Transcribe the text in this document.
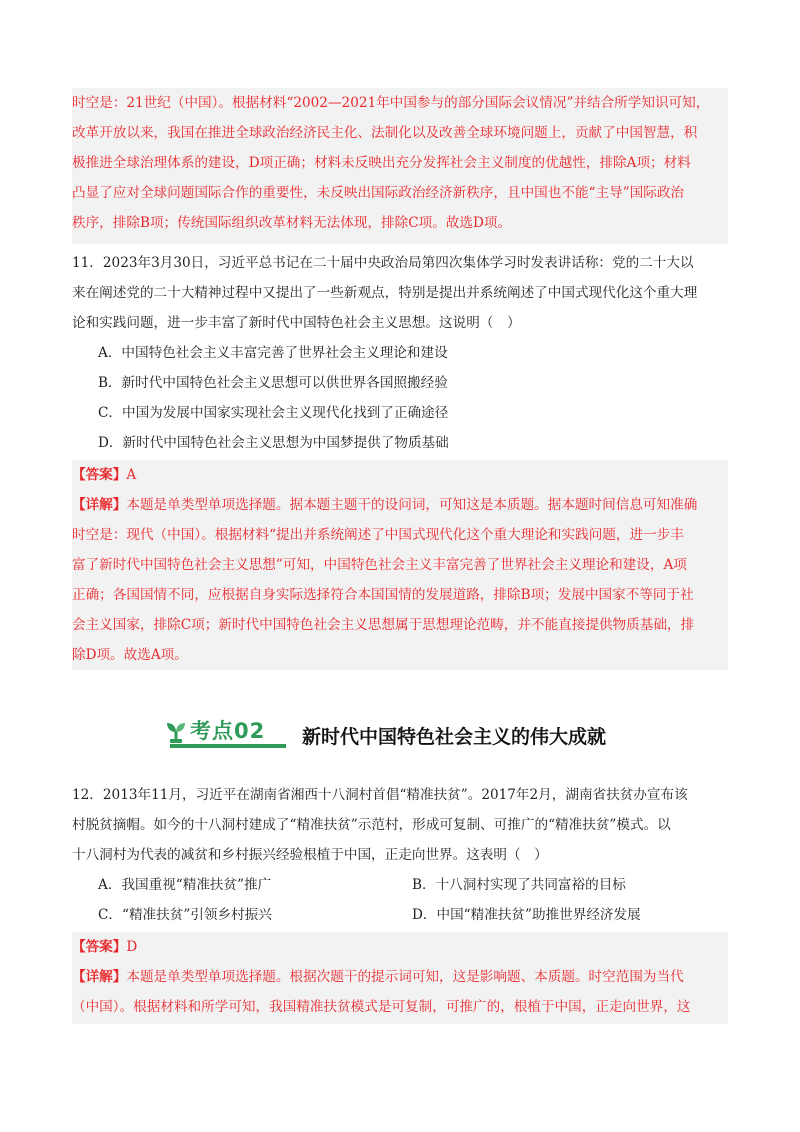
时空是：21世纪（中国）。根据材料“2002—2021年中国参与的部分国际会议情况”并结合所学知识可知，
改革开放以来，我国在推进全球政治经济民主化、法制化以及改善全球环境问题上，贡献了中国智慧，积
极推进全球治理体系的建设，D项正确；材料未反映出充分发挥社会主义制度的优越性，排除A项；材料
凸显了应对全球问题国际合作的重要性，未反映出国际政治经济新秩序，且中国也不能“主导”国际政治
秩序，排除B项；传统国际组织改革材料无法体现，排除C项。故选D项。
11．2023年3月30日，习近平总书记在二十届中央政治局第四次集体学习时发表讲话称：党的二十大以
来在阐述党的二十大精神过程中又提出了一些新观点，特别是提出并系统阐述了中国式现代化这个重大理
论和实践问题，进一步丰富了新时代中国特色社会主义思想。这说明（　）
A．中国特色社会主义丰富完善了世界社会主义理论和建设
B．新时代中国特色社会主义思想可以供世界各国照搬经验
C．中国为发展中国家实现社会主义现代化找到了正确途径
D．新时代中国特色社会主义思想为中国梦提供了物质基础
【答案】A
【详解】本题是单类型单项选择题。据本题主题干的设问词，可知这是本质题。据本题时间信息可知准确
时空是：现代（中国）。根据材料“提出并系统阐述了中国式现代化这个重大理论和实践问题，进一步丰
富了新时代中国特色社会主义思想”可知，中国特色社会主义丰富完善了世界社会主义理论和建设，A项
正确；各国国情不同，应根据自身实际选择符合本国国情的发展道路，排除B项；发展中国家不等同于社
会主义国家，排除C项；新时代中国特色社会主义思想属于思想理论范畴，并不能直接提供物质基础，排
除D项。故选A项。
考点02 新时代中国特色社会主义的伟大成就
12．2013年11月，习近平在湖南省湘西十八洞村首倡“精准扶贫”。2017年2月，湖南省扶贫办宣布该
村脱贫摘帽。如今的十八洞村建成了“精准扶贫”示范村，形成可复制、可推广的“精准扶贫”模式。以
十八洞村为代表的减贫和乡村振兴经验根植于中国，正走向世界。这表明（　）
A．我国重视“精准扶贫”推广	B．十八洞村实现了共同富裕的目标
C．“精准扶贫”引领乡村振兴	D．中国“精准扶贫”助推世界经济发展
【答案】D
【详解】本题是单类型单项选择题。根据次题干的提示词可知，这是影响题、本质题。时空范围为当代
（中国）。根据材料和所学可知，我国精准扶贫模式是可复制，可推广的，根植于中国，正走向世界，这
